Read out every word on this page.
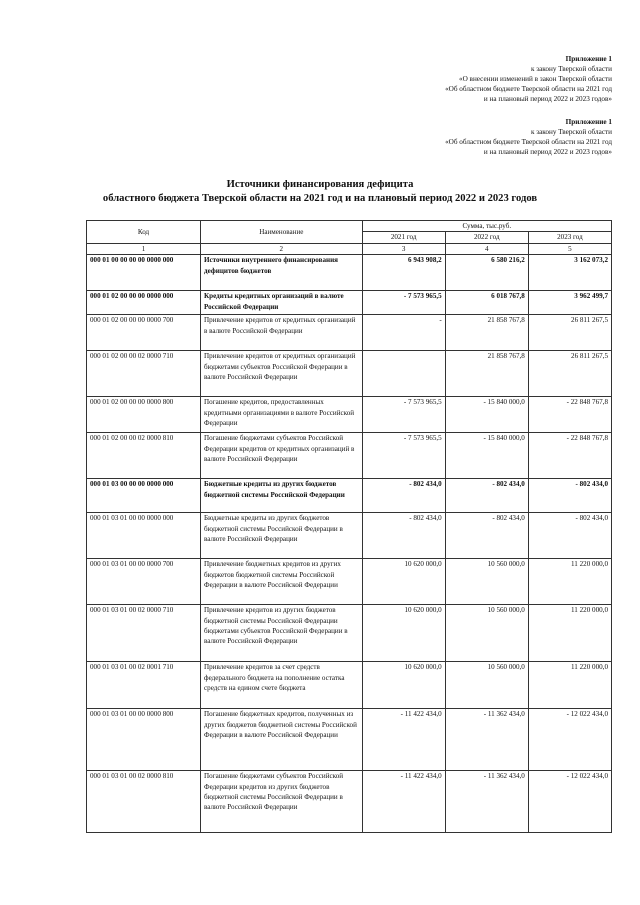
Приложение 1
к закону Тверской области
«О внесении изменений в закон Тверской области
«Об областном бюджете Тверской области на 2021 год
и на плановый период 2022 и 2023 годов»
Приложение 1
к закону Тверской области
«Об областном бюджете Тверской области на 2021 год
и на плановый период 2022 и 2023 годов»
Источники финансирования дефицита
областного бюджета Тверской области на 2021 год и на плановый период 2022 и 2023 годов
Код	Наименование	Сумма, тыс.руб.		
		2021 год	2022 год	2023 год
1	2	3	4	5
000 01 00 00 00 00 0000 000	Источники внутреннего финансирования дефицитов бюджетов	6 943 908,2	6 580 216,2	3 162 073,2
000 01 02 00 00 00 0000 000	Кредиты кредитных организаций в валюте Российской Федерации	- 7 573 965,5	6 018 767,8	3 962 499,7
000 01 02 00 00 00 0000 700	Привлечение кредитов от кредитных организаций в валюте Российской Федерации	-	21 858 767,8	26 811 267,5
000 01 02 00 00 02 0000 710	Привлечение кредитов от кредитных организаций бюджетами субъектов Российской Федерации в валюте Российской Федерации		21 858 767,8	26 811 267,5
000 01 02 00 00 00 0000 800	Погашение кредитов, предоставленных кредитными организациями в валюте Российской Федерации	- 7 573 965,5	- 15 840 000,0	- 22 848 767,8
000 01 02 00 00 02 0000 810	Погашение бюджетами субъектов Российской Федерации кредитов от кредитных организаций в валюте Российской Федерации	- 7 573 965,5	- 15 840 000,0	- 22 848 767,8
000 01 03 00 00 00 0000 000	Бюджетные кредиты из других бюджетов бюджетной системы Российской Федерации	- 802 434,0	- 802 434,0	- 802 434,0
000 01 03 01 00 00 0000 000	Бюджетные кредиты из других бюджетов бюджетной системы Российской Федерации в валюте Российской Федерации	- 802 434,0	- 802 434,0	- 802 434,0
000 01 03 01 00 00 0000 700	Привлечение бюджетных кредитов из других бюджетов бюджетной системы Российской Федерации в валюте Российской Федерации	10 620 000,0	10 560 000,0	11 220 000,0
000 01 03 01 00 02 0000 710	Привлечение кредитов из других бюджетов бюджетной системы Российской Федерации бюджетами субъектов Российской Федерации в валюте Российской Федерации	10 620 000,0	10 560 000,0	11 220 000,0
000 01 03 01 00 02 0001 710	Привлечение кредитов за счет средств федерального бюджета на пополнение остатка средств на едином счете бюджета	10 620 000,0	10 560 000,0	11 220 000,0
000 01 03 01 00 00 0000 800	Погашение бюджетных кредитов, полученных из других бюджетов бюджетной системы Российской Федерации в валюте Российской Федерации	- 11 422 434,0	- 11 362 434,0	- 12 022 434,0
000 01 03 01 00 02 0000 810	Погашение бюджетами субъектов Российской Федерации кредитов из других бюджетов бюджетной системы Российской Федерации в валюте Российской Федерации	- 11 422 434,0	- 11 362 434,0	- 12 022 434,0
